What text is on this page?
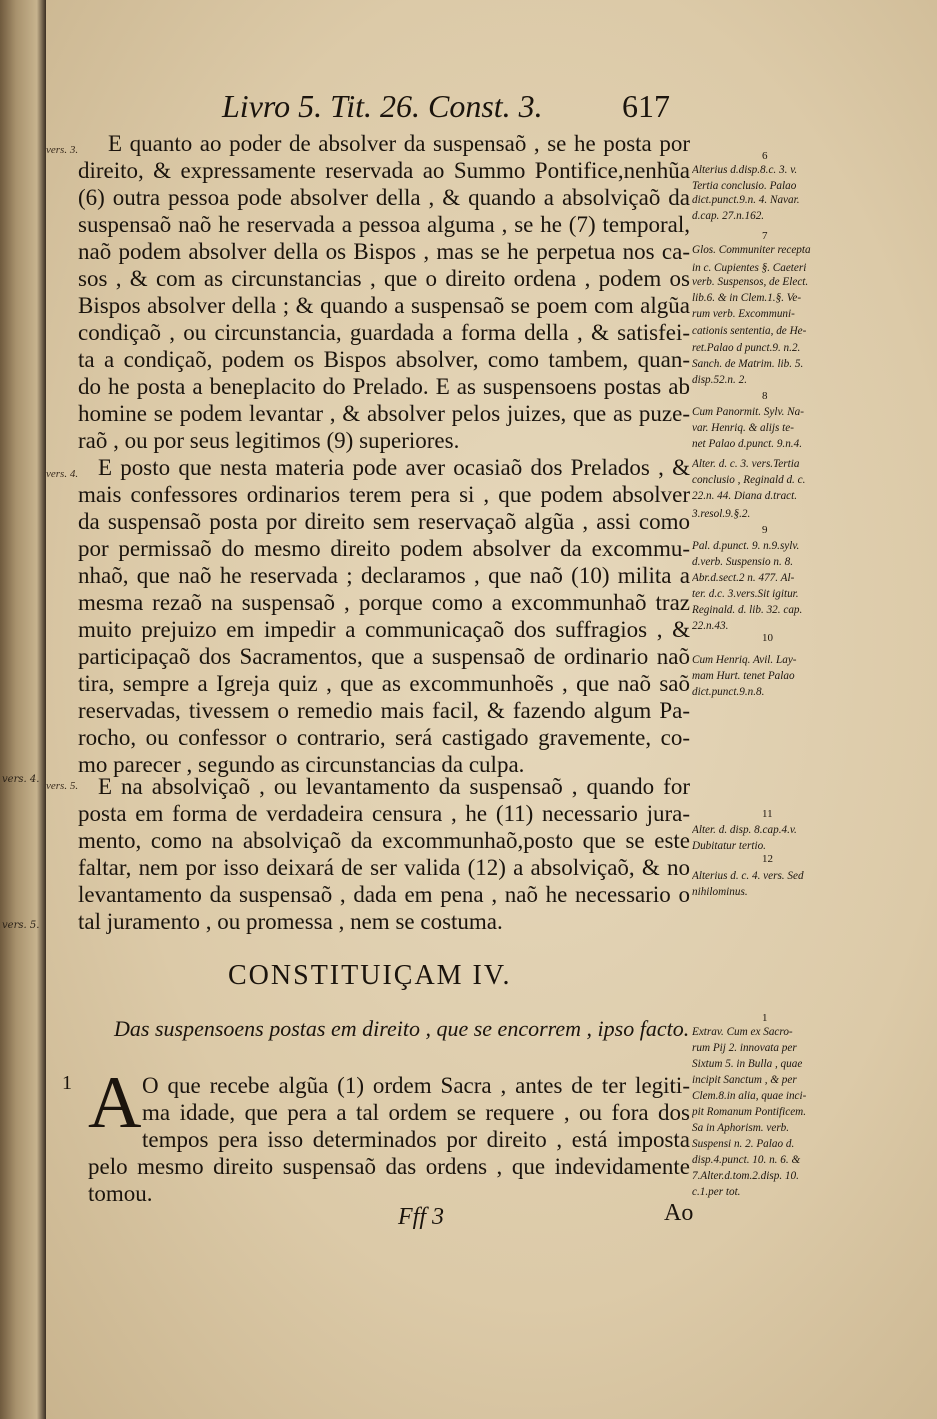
vers. 4.
vers. 5.
Livro 5. Tit. 26. Const. 3. 617
vers. 3.
vers. 4.
vers. 5.
E quanto ao poder de absolver da suspensaõ , se he posta por
direito, & expressamente reservada ao Summo Pontifice,nenhũa
(6) outra pessoa pode absolver della , & quando a absolviçaõ da
suspensaõ naõ he reservada a pessoa alguma , se he (7) temporal,
naõ podem absolver della os Bispos , mas se he perpetua nos ca-
sos , & com as circunstancias , que o direito ordena , podem os
Bispos absolver della ; & quando a suspensaõ se poem com algũa
condiçaõ , ou circunstancia, guardada a forma della , & satisfei-
ta a condiçaõ, podem os Bispos absolver, como tambem, quan-
do he posta a beneplacito do Prelado. E as suspensoens postas ab
homine se podem levantar , & absolver pelos juizes, que as puze-
raõ , ou por seus legitimos (9) superiores.
E posto que nesta materia pode aver ocasiaõ dos Prelados , &
mais confessores ordinarios terem pera si , que podem absolver
da suspensaõ posta por direito sem reservaçaõ algũa , assi como
por permissaõ do mesmo direito podem absolver da excommu-
nhaõ, que naõ he reservada ; declaramos , que naõ (10) milita a
mesma rezaõ na suspensaõ , porque como a excommunhaõ traz
muito prejuizo em impedir a communicaçaõ dos suffragios , &
participaçaõ dos Sacramentos, que a suspensaõ de ordinario naõ
tira, sempre a Igreja quiz , que as excommunhoẽs , que naõ saõ
reservadas, tivessem o remedio mais facil, & fazendo algum Pa-
rocho, ou confessor o contrario, será castigado gravemente, co-
mo parecer , segundo as circunstancias da culpa.
E na absolviçaõ , ou levantamento da suspensaõ , quando for
posta em forma de verdadeira censura , he (11) necessario jura-
mento, como na absolviçaõ da excommunhaõ,posto que se este
faltar, nem por isso deixará de ser valida (12) a absolviçaõ, & no
levantamento da suspensaõ , dada em pena , naõ he necessario o
tal juramento , ou promessa , nem se costuma.
6
7
8
9
10
11
12
Alterius d.disp.8.c. 3. v.
Tertia conclusio. Palao
dict.punct.9.n. 4. Navar.
d.cap. 27.n.162.
Glos. Communiter recepta
in c. Cupientes §. Caeteri
verb. Suspensos, de Elect.
lib.6. & in Clem.1.§. Ve-
rum verb. Excommuni-
cationis sententia, de He-
ret.Palao d punct.9. n.2.
Sanch. de Matrim. lib. 5.
disp.52.n. 2.
Cum Panormit. Sylv. Na-
var. Henriq. & alijs te-
net Palao d.punct. 9.n.4.
Alter. d. c. 3. vers.Tertia
conclusio , Reginald d. c.
22.n. 44. Diana d.tract.
3.resol.9.§.2.
Pal. d.punct. 9. n.9.sylv.
d.verb. Suspensio n. 8.
Abr.d.sect.2 n. 477. Al-
ter. d.c. 3.vers.Sit igitur.
Reginald. d. lib. 32. cap.
22.n.43.
Cum Henriq. Avil. Lay-
mam Hurt. tenet Palao
dict.punct.9.n.8.
Alter. d. disp. 8.cap.4.v.
Dubitatur tertio.
Alterius d. c. 4. vers. Sed
nihilominus.
CONSTITUIÇAM IV.
Das suspensoens postas em direito , que se encorrem , ipso facto.
1 A O que recebe algũa (1) ordem Sacra , antes de ter legiti-
ma idade, que pera a tal ordem se requere , ou fora dos
tempos pera isso determinados por direito , está imposta
pelo mesmo direito suspensaõ das ordens , que indevidamente
tomou.
1
Extrav. Cum ex Sacro-
rum Pij 2. innovata per
Sixtum 5. in Bulla , quae
incipit Sanctum , & per
Clem.8.in alia, quae inci-
pit Romanum Pontificem.
Sa in Aphorism. verb.
Suspensi n. 2. Palao d.
disp.4.punct. 10. n. 6. &
7.Alter.d.tom.2.disp. 10.
c.1.per tot.
Fff 3	Ao
